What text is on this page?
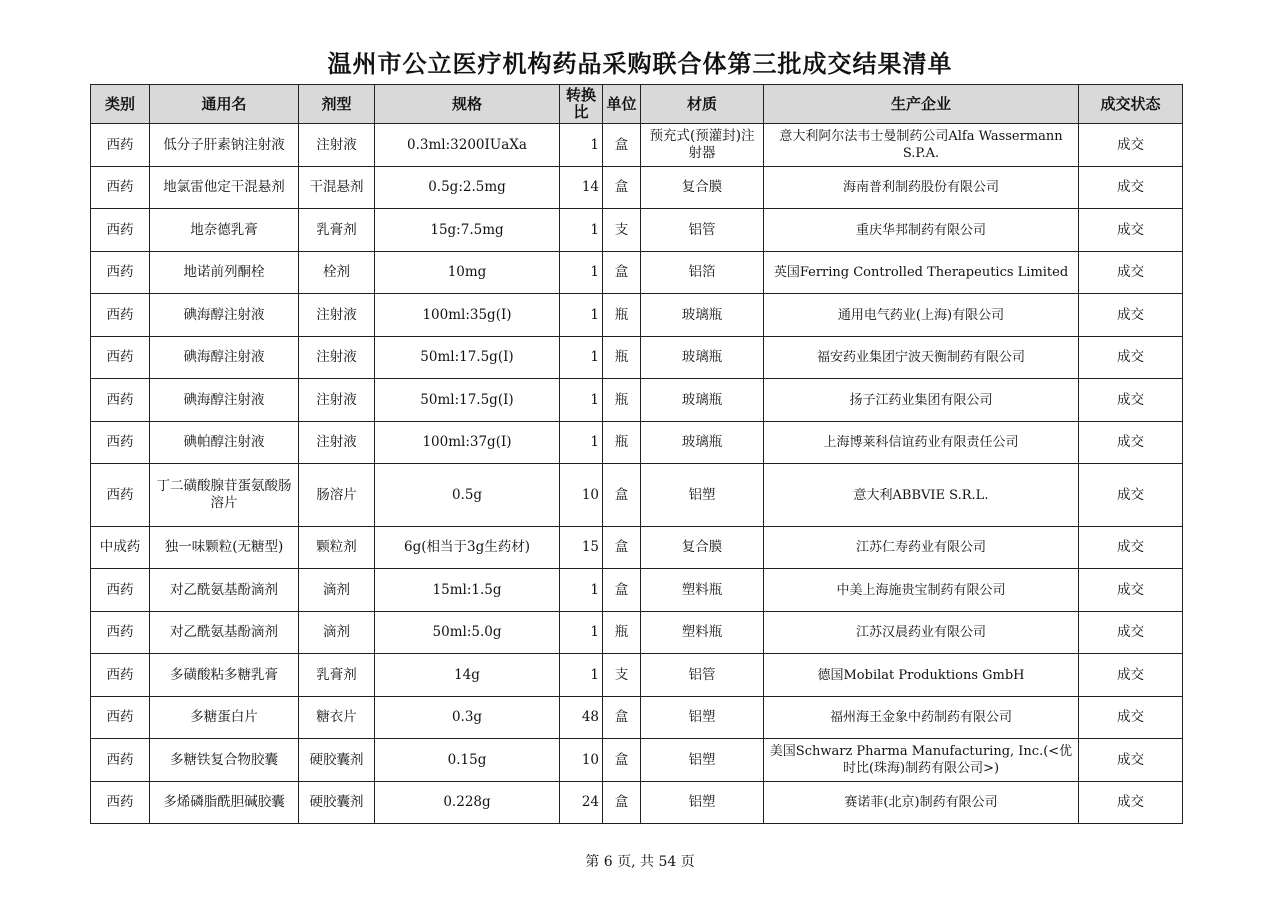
温州市公立医疗机构药品采购联合体第三批成交结果清单
类别	通用名	剂型	规格	转换比	单位	材质	生产企业	成交状态
西药	低分子肝素钠注射液	注射液	0.3ml:3200IUaXa	1	盒	预充式(预灌封)注射器	意大利阿尔法韦士曼制药公司Alfa Wassermann S.P.A.	成交
西药	地氯雷他定干混悬剂	干混悬剂	0.5g:2.5mg	14	盒	复合膜	海南普利制药股份有限公司	成交
西药	地奈德乳膏	乳膏剂	15g:7.5mg	1	支	铝管	重庆华邦制药有限公司	成交
西药	地诺前列酮栓	栓剂	10mg	1	盒	铝箔	英国Ferring Controlled Therapeutics Limited	成交
西药	碘海醇注射液	注射液	100ml:35g(I)	1	瓶	玻璃瓶	通用电气药业(上海)有限公司	成交
西药	碘海醇注射液	注射液	50ml:17.5g(I)	1	瓶	玻璃瓶	福安药业集团宁波天衡制药有限公司	成交
西药	碘海醇注射液	注射液	50ml:17.5g(I)	1	瓶	玻璃瓶	扬子江药业集团有限公司	成交
西药	碘帕醇注射液	注射液	100ml:37g(I)	1	瓶	玻璃瓶	上海博莱科信谊药业有限责任公司	成交
西药	丁二磺酸腺苷蛋氨酸肠溶片	肠溶片	0.5g	10	盒	铝塑	意大利ABBVIE S.R.L.	成交
中成药	独一味颗粒(无糖型)	颗粒剂	6g(相当于3g生药材)	15	盒	复合膜	江苏仁寿药业有限公司	成交
西药	对乙酰氨基酚滴剂	滴剂	15ml:1.5g	1	盒	塑料瓶	中美上海施贵宝制药有限公司	成交
西药	对乙酰氨基酚滴剂	滴剂	50ml:5.0g	1	瓶	塑料瓶	江苏汉晨药业有限公司	成交
西药	多磺酸粘多糖乳膏	乳膏剂	14g	1	支	铝管	德国Mobilat Produktions GmbH	成交
西药	多糖蛋白片	糖衣片	0.3g	48	盒	铝塑	福州海王金象中药制药有限公司	成交
西药	多糖铁复合物胶囊	硬胶囊剂	0.15g	10	盒	铝塑	美国Schwarz Pharma Manufacturing, Inc.(<优时比(珠海)制药有限公司>)	成交
西药	多烯磷脂酰胆碱胶囊	硬胶囊剂	0.228g	24	盒	铝塑	赛诺菲(北京)制药有限公司	成交
第 6 页, 共 54 页
